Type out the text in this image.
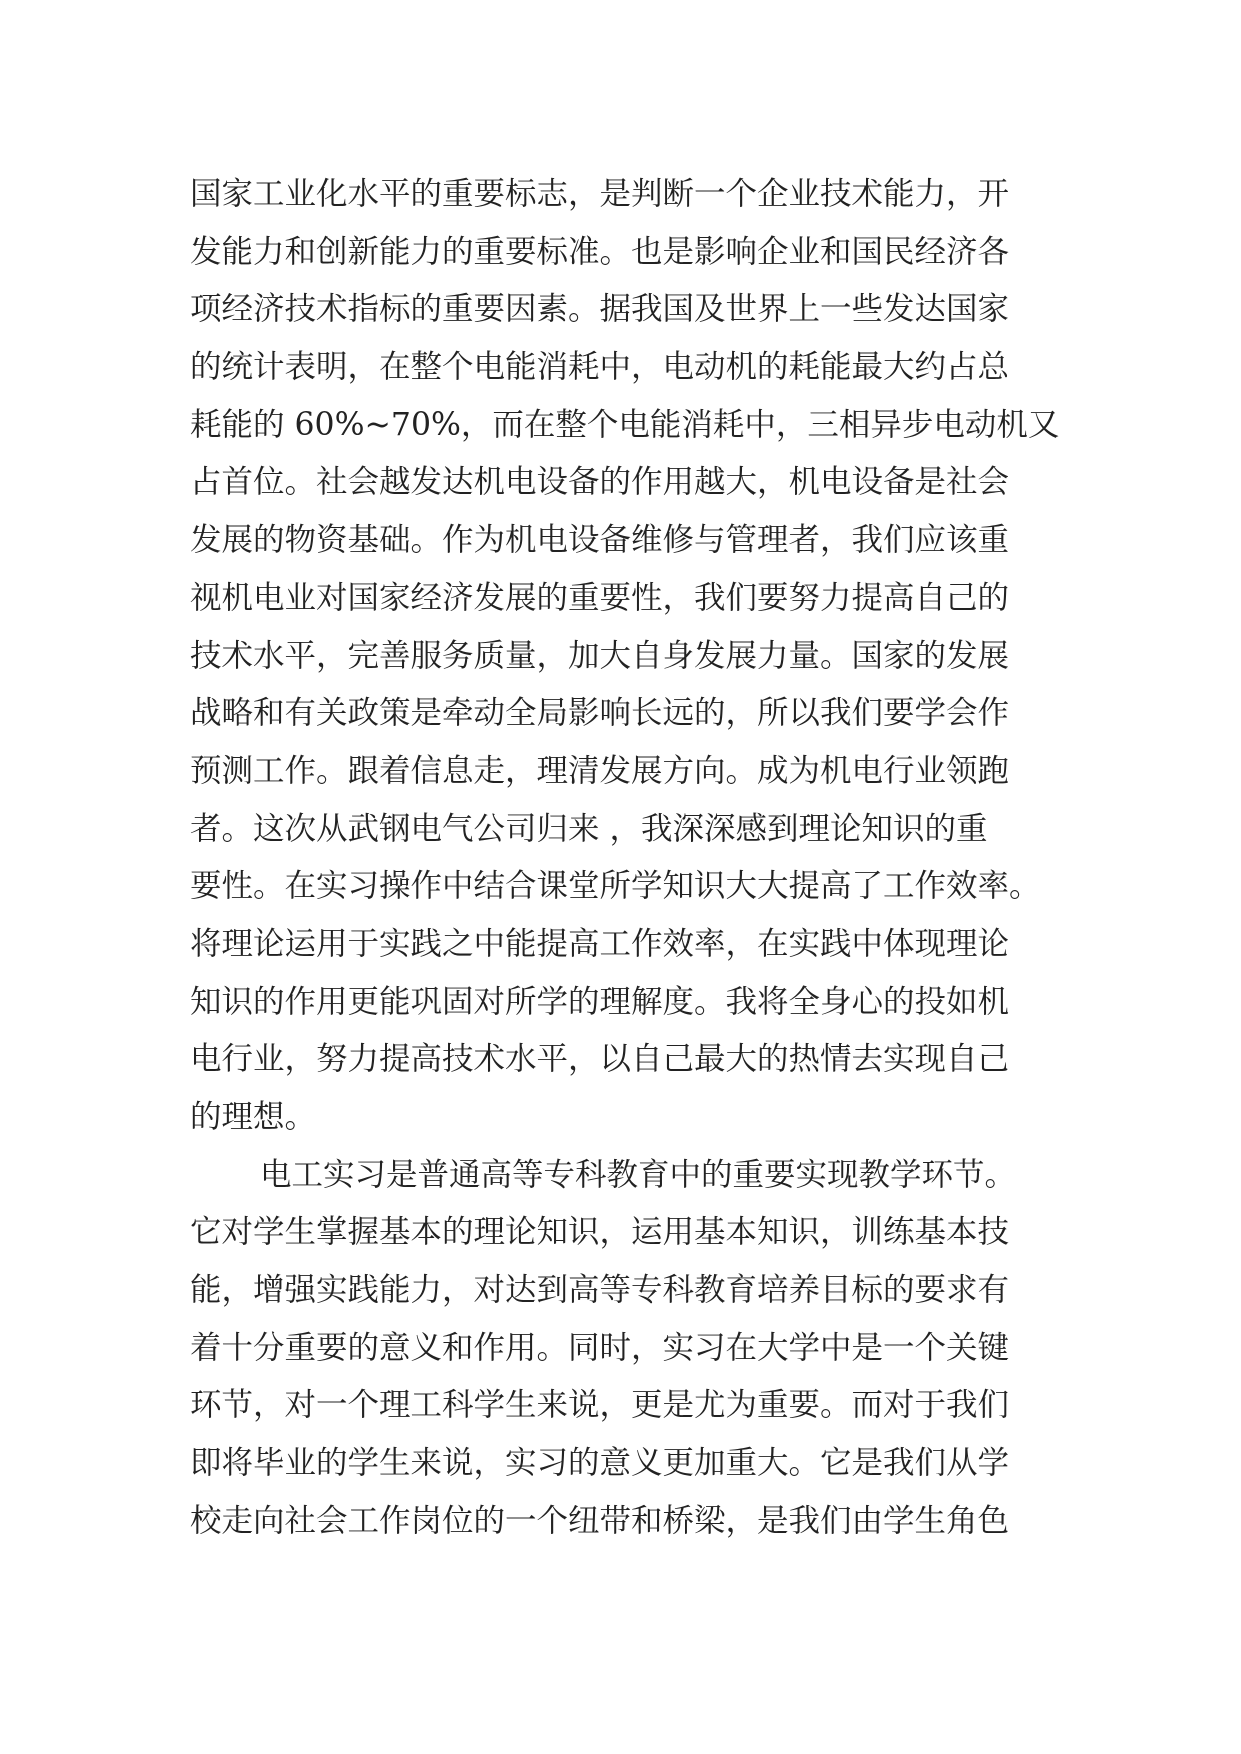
国家工业化水平的重要标志，是判断一个企业技术能力，开
发能力和创新能力的重要标准。也是影响企业和国民经济各
项经济技术指标的重要因素。据我国及世界上一些发达国家
的统计表明，在整个电能消耗中，电动机的耗能最大约占总
耗能的 60%~70%，而在整个电能消耗中，三相异步电动机又
占首位。社会越发达机电设备的作用越大，机电设备是社会
发展的物资基础。作为机电设备维修与管理者，我们应该重
视机电业对国家经济发展的重要性，我们要努力提高自己的
技术水平，完善服务质量，加大自身发展力量。国家的发展
战略和有关政策是牵动全局影响长远的，所以我们要学会作
预测工作。跟着信息走，理清发展方向。成为机电行业领跑
者。这次从武钢电气公司归来 ，我深深感到理论知识的重
要性。在实习操作中结合课堂所学知识大大提高了工作效率。
将理论运用于实践之中能提高工作效率，在实践中体现理论
知识的作用更能巩固对所学的理解度。我将全身心的投如机
电行业，努力提高技术水平，以自己最大的热情去实现自己
的理想。
电工实习是普通高等专科教育中的重要实现教学环节。
它对学生掌握基本的理论知识，运用基本知识，训练基本技
能，增强实践能力，对达到高等专科教育培养目标的要求有
着十分重要的意义和作用。同时，实习在大学中是一个关键
环节，对一个理工科学生来说，更是尤为重要。而对于我们
即将毕业的学生来说，实习的意义更加重大。它是我们从学
校走向社会工作岗位的一个纽带和桥梁，是我们由学生角色
